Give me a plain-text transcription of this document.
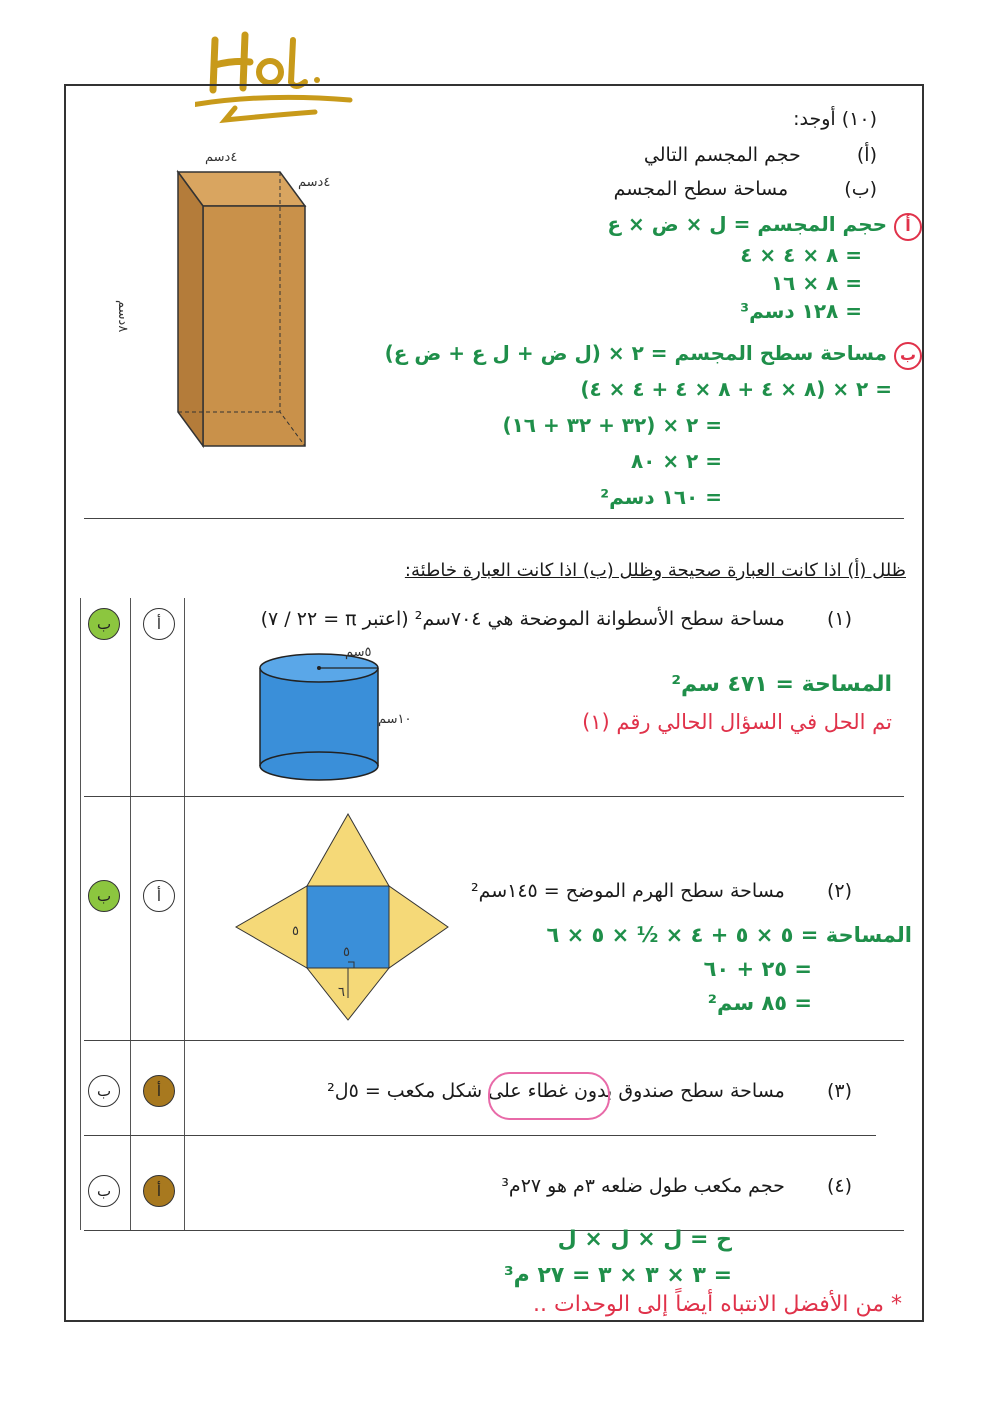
(١٠) أوجد:
(أ)  حجم المجسم التالي
(ب)  مساحة سطح المجسم
٤دسم
٤دسم
٨دسم
أ حجم المجسم = ل × ض × ع
= ٨ × ٤ × ٤
= ٨ × ١٦
= ١٢٨ دسم³
ب مساحة سطح المجسم = ٢ × (ل ض + ل ع + ض ع)
= ٢ × (٨ × ٤ + ٨ × ٤ + ٤ × ٤)
= ٢ × (٣٢ + ٣٢ + ١٦)
= ٢ × ٨٠
= ١٦٠ دسم²
ظلل (أ) اذا كانت العبارة صحيحة وظلل (ب) اذا كانت العبارة خاطئة:
(١)  مساحة سطح الأسطوانة الموضحة هي ٧٠٤سم² (اعتبر π = ٢٢ / ٧)
ب	أ
٥سم
١٠سم
المساحة = ٤٧١ سم²
تم الحل في السؤال الحالي رقم (١)
(٢)  مساحة سطح الهرم الموضح = ١٤٥سم²
ب	أ
٥
٥
٦
المساحة = ٥ × ٥ + ٤ × ½ × ٥ × ٦
= ٢٥ + ٦٠
= ٨٥ سم²
(٣)  مساحة سطح صندوق بدون غطاء على شكل مكعب = ٥ل²
ب	أ
(٤)  حجم مكعب طول ضلعه ٣م هو ٢٧م³
ب	أ
ح = ل × ل × ل
= ٣ × ٣ × ٣ = ٢٧ م³
* من الأفضل الانتباه أيضاً إلى الوحدات ..
